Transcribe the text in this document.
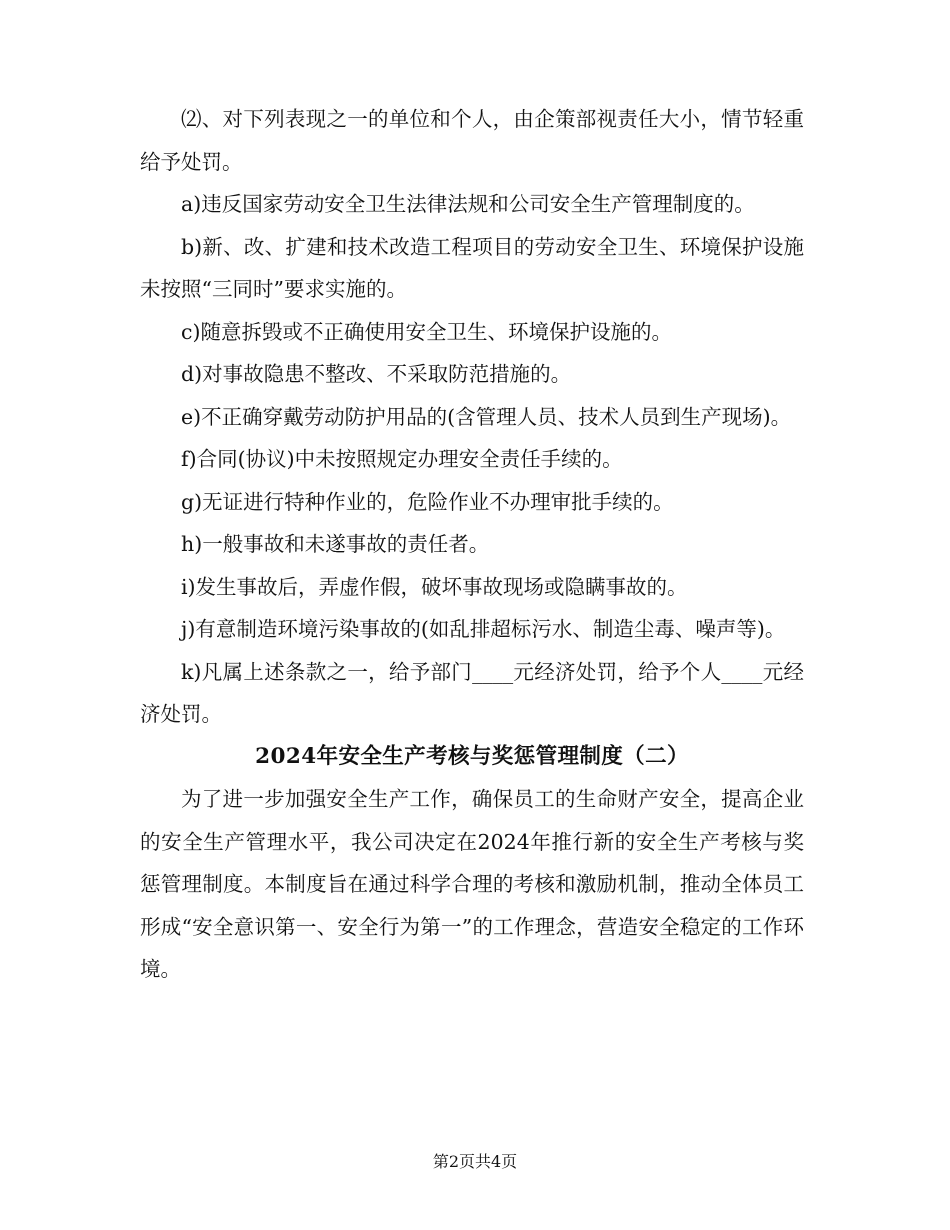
⑵、对下列表现之一的单位和个人，由企策部视责任大小，情节轻重给予处罚。

a)违反国家劳动安全卫生法律法规和公司安全生产管理制度的。

b)新、改、扩建和技术改造工程项目的劳动安全卫生、环境保护设施未按照“三同时”要求实施的。

c)随意拆毁或不正确使用安全卫生、环境保护设施的。

d)对事故隐患不整改、不采取防范措施的。

e)不正确穿戴劳动防护用品的(含管理人员、技术人员到生产现场)。

f)合同(协议)中未按照规定办理安全责任手续的。

g)无证进行特种作业的，危险作业不办理审批手续的。

h)一般事故和未遂事故的责任者。

i)发生事故后，弄虚作假，破坏事故现场或隐瞒事故的。

j)有意制造环境污染事故的(如乱排超标污水、制造尘毒、噪声等)。

k)凡属上述条款之一，给予部门____元经济处罚，给予个人____元经济处罚。

2024年安全生产考核与奖惩管理制度（二）

为了进一步加强安全生产工作，确保员工的生命财产安全，提高企业的安全生产管理水平，我公司决定在2024年推行新的安全生产考核与奖惩管理制度。本制度旨在通过科学合理的考核和激励机制，推动全体员工形成“安全意识第一、安全行为第一”的工作理念，营造安全稳定的工作环境。

第2页共4页
